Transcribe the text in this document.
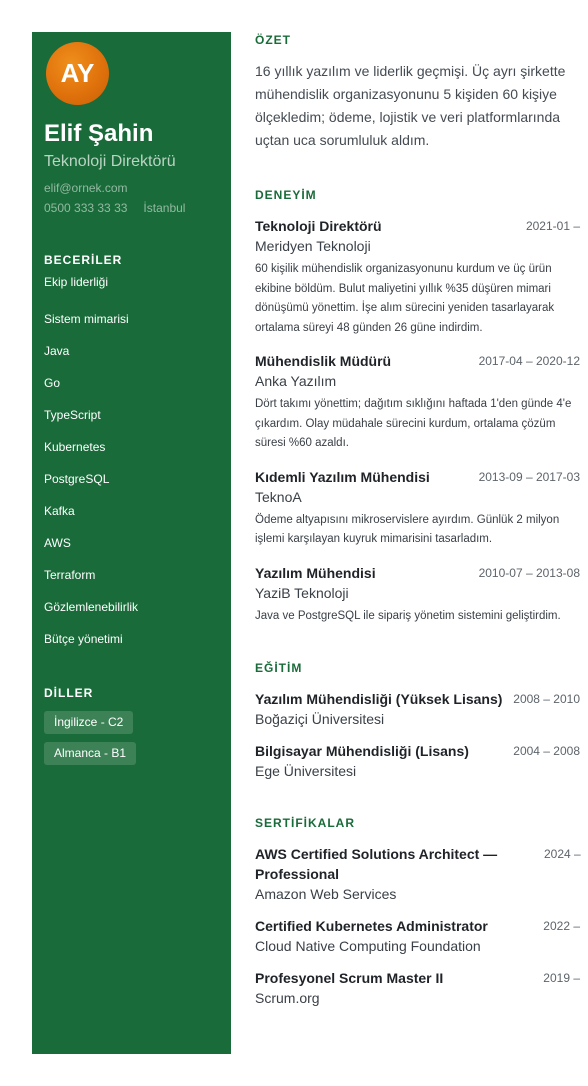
AY
Elif Şahin
Teknoloji Direktörü
elif@ornek.com
0500 333 33 33 İstanbul
BECERİLER
Ekip liderliği
Sistem mimarisi
Java
Go
TypeScript
Kubernetes
PostgreSQL
Kafka
AWS
Terraform
Gözlemlenebilirlik
Bütçe yönetimi
DİLLER
İngilizce - C2
Almanca - B1
ÖZET

16 yıllık yazılım ve liderlik geçmişi. Üç ayrı şirkette mühendislik organizasyonunu 5 kişiden 60 kişiye ölçekledim; ödeme, lojistik ve veri platformlarında uçtan uca sorumluluk aldım.

DENEYİM
Teknoloji Direktörü	2021-01 –
Meridyen Teknoloji

60 kişilik mühendislik organizasyonunu kurdum ve üç ürün ekibine böldüm. Bulut maliyetini yıllık %35 düşüren mimari dönüşümü yönettim. İşe alım sürecini yeniden tasarlayarak ortalama süreyi 48 günden 26 güne indirdim.

Mühendislik Müdürü	2017-04 – 2020-12
Anka Yazılım

Dört takımı yönettim; dağıtım sıklığını haftada 1'den günde 4'e çıkardım. Olay müdahale sürecini kurdum, ortalama çözüm süresi %60 azaldı.

Kıdemli Yazılım Mühendisi	2013-09 – 2017-03
TeknoA

Ödeme altyapısını mikroservislere ayırdım. Günlük 2 milyon işlemi karşılayan kuyruk mimarisini tasarladım.

Yazılım Mühendisi	2010-07 – 2013-08
YaziB Teknoloji

Java ve PostgreSQL ile sipariş yönetim sistemini geliştirdim.

EĞİTİM
Yazılım Mühendisliği (Yüksek Lisans) 2008 – 2010
Boğaziçi Üniversitesi
Bilgisayar Mühendisliği (Lisans)	2004 – 2008
Ege Üniversitesi
SERTİFİKALAR
AWS Certified Solutions Architect — Professional
2024 –
Amazon Web Services
Certified Kubernetes Administrator	2022 –
Cloud Native Computing Foundation
Profesyonel Scrum Master II	2019 –
Scrum.org
